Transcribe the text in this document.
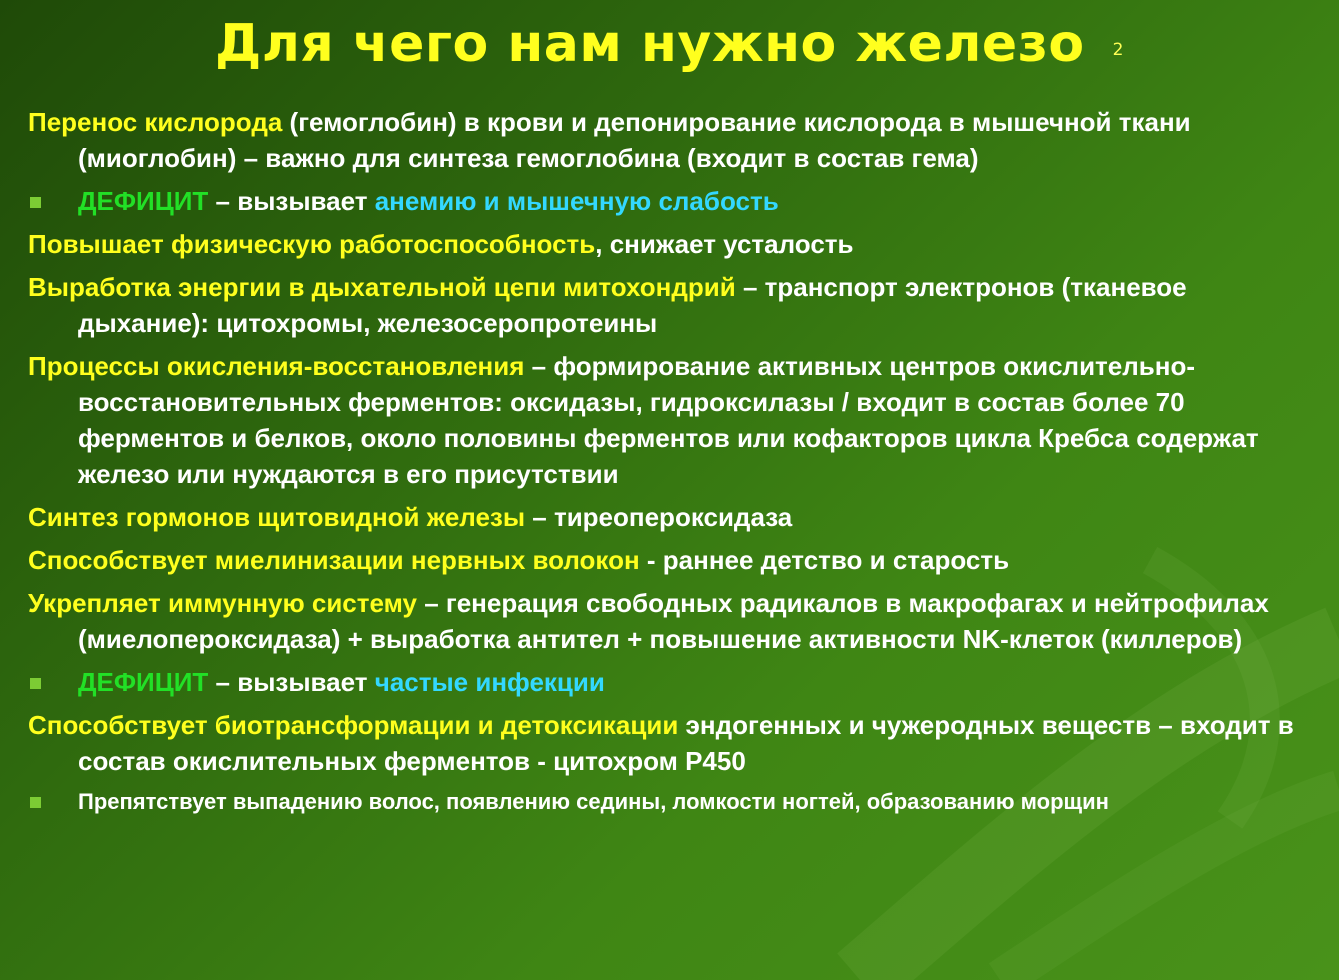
Для чего нам нужно железо 2
Перенос кислорода (гемоглобин) в крови и депонирование кислорода в мышечной ткани (миоглобин) – важно для синтеза гемоглобина (входит в состав гема)
ДЕФИЦИТ – вызывает анемию и мышечную слабость
Повышает физическую работоспособность, снижает усталость
Выработка энергии в дыхательной цепи митохондрий – транспорт электронов (тканевое дыхание): цитохромы, железосеропротеины
Процессы окисления-восстановления – формирование активных центров окислительно-восстановительных ферментов: оксидазы, гидроксилазы / входит в состав более 70 ферментов и белков, около половины ферментов или кофакторов цикла Кребса содержат железо или нуждаются в его присутствии
Синтез гормонов щитовидной железы – тиреопероксидаза
Способствует миелинизации нервных волокон - раннее детство и старость
Укрепляет иммунную систему – генерация свободных радикалов в макрофагах и нейтрофилах (миелопероксидаза) + выработка антител + повышение активности NK-клеток (киллеров)
ДЕФИЦИТ – вызывает частые инфекции
Способствует биотрансформации и детоксикации эндогенных и чужеродных веществ – входит в состав окислительных ферментов - цитохром Р450
Препятствует выпадению волос, появлению седины, ломкости ногтей, образованию морщин
